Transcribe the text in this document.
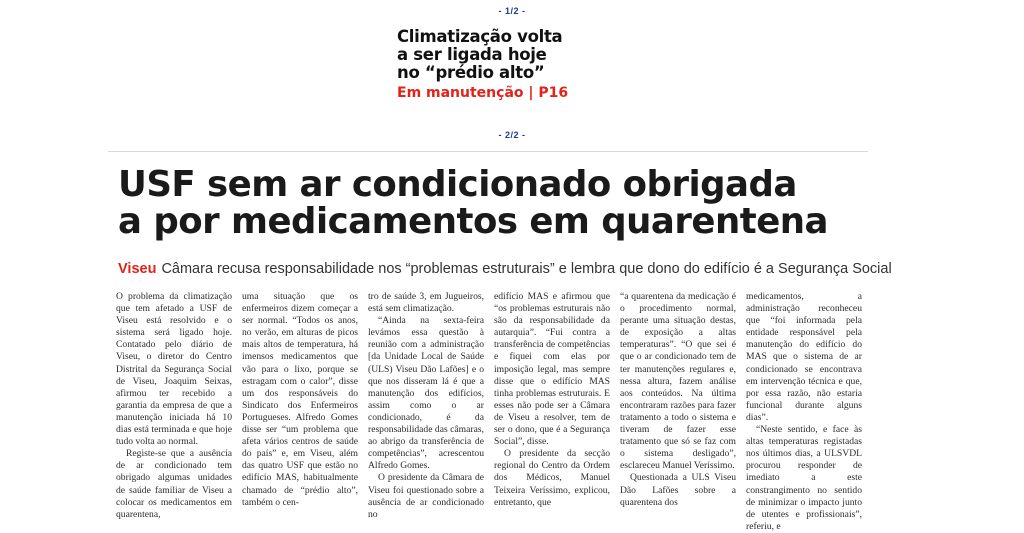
- 1/2 -
Climatização volta
a ser ligada hoje
no “prédio alto”
Em manutenção | P16
- 2/2 -
USF sem ar condicionado obrigada
a por medicamentos em quarentena
Viseu Câmara recusa responsabilidade nos “problemas estruturais” e lembra que dono do edifício é a Segurança Social

O problema da climatização que tem afetado a USF de Viseu está resolvido e o sistema será ligado hoje. Contatado pelo diário de Viseu, o diretor do Centro Distrital da Segurança Social de Viseu, Joaquim Seixas, afirmou ter recebido a garantia da empresa de que a manutenção iniciada há 10 dias está terminada e que hoje tudo volta ao normal.

Registe-se que a ausência de ar condicionado tem obrigado algumas unidades de saúde familiar de Viseu a colocar os medicamentos em quarentena,

uma situação que os enfermeiros dizem começar a ser normal. “Todos os anos, no verão, em alturas de picos mais altos de temperatura, há imensos medicamentos que vão para o lixo, porque se estragam com o calor”, disse um dos responsáveis do Sindicato dos Enfermeiros Portugueses. Alfredo Gomes disse ser “um problema que afeta vários centros de saúde do país” e, em Viseu, além das quatro USF que estão no edifício MAS, habitualmente chamado de “prédio alto”, também o cen-

tro de saúde 3, em Jugueiros, está sem climatização.

“Ainda na sexta-feira levámos essa questão à reunião com a administração [da Unidade Local de Saúde (ULS) Viseu Dão Lafões] e o que nos disseram lá é que a manutenção dos edifícios, assim como o ar condicionado, é da responsabilidade das câmaras, ao abrigo da transferência de competências”, acrescentou Alfredo Gomes.

O presidente da Câmara de Viseu foi questionado sobre a ausência de ar condicionado no

edifício MAS e afirmou que “os problemas estruturais não são da responsabilidade da autarquia”. “Fui contra a transferência de competências e fiquei com elas por imposição legal, mas sempre disse que o edifício MAS tinha problemas estruturais. E esses não pode ser a Câmara de Viseu a resolver, tem de ser o dono, que é a Segurança Social”, disse.

O presidente da secção regional do Centro da Ordem dos Médicos, Manuel Teixeira Veríssimo, explicou, entretanto, que

“a quarentena da medicação é o procedimento normal, perante uma situação destas, de exposição a altas temperaturas”. “O que sei é que o ar condicionado tem de ter manutenções regulares e, nessa altura, fazem análise aos conteúdos. Na última encontraram razões para fazer tratamento a todo o sistema e tiveram de fazer esse tratamento que só se faz com o sistema desligado”, esclareceu Manuel Veríssimo.

Questionada a ULS Viseu Dão Lafões sobre a quarentena dos

medicamentos, a administração reconheceu que “foi informada pela entidade responsável pela manutenção do edifício do MAS que o sistema de ar condicionado se encontrava em intervenção técnica e que, por essa razão, não estaria funcional durante alguns dias”.

“Neste sentido, e face às altas temperaturas registadas nos últimos dias, a ULSVDL procurou responder de imediato a este constrangimento no sentido de minimizar o impacto junto de utentes e profissionais”, referiu, e
